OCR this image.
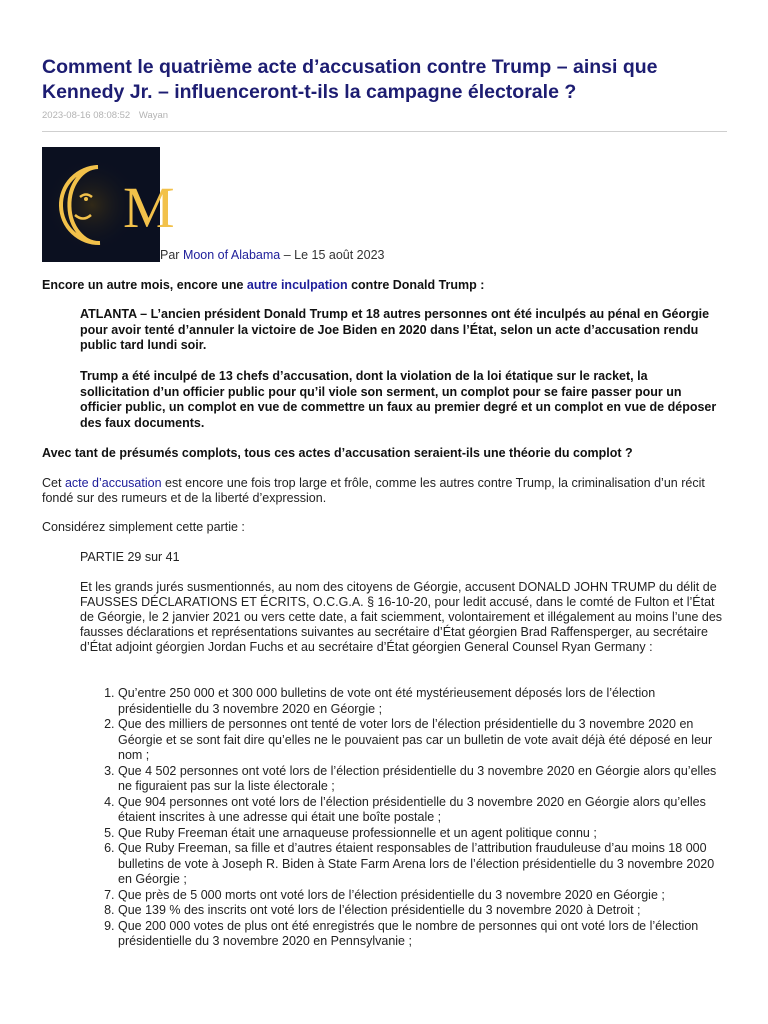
Comment le quatrième acte d’accusation contre Trump – ainsi que Kennedy Jr. – influenceront-t-ils la campagne électorale ?
2023-08-16 08:08:52 Wayan
M
Par Moon of Alabama – Le 15 août 2023

Encore un autre mois, encore une autre inculpation contre Donald Trump :

ATLANTA – L’ancien président Donald Trump et 18 autres personnes ont été inculpés au pénal en Géorgie pour avoir tenté d’annuler la victoire de Joe Biden en 2020 dans l’État, selon un acte d’accusation rendu public tard lundi soir.

Trump a été inculpé de 13 chefs d’accusation, dont la violation de la loi étatique sur le racket, la sollicitation d’un officier public pour qu’il viole son serment, un complot pour se faire passer pour un officier public, un complot en vue de commettre un faux au premier degré et un complot en vue de déposer des faux documents.

Avec tant de présumés complots, tous ces actes d’accusation seraient-ils une théorie du complot ?

Cet acte d’accusation est encore une fois trop large et frôle, comme les autres contre Trump, la criminalisation d’un récit fondé sur des rumeurs et de la liberté d’expression.

Considérez simplement cette partie :

PARTIE 29 sur 41

Et les grands jurés susmentionnés, au nom des citoyens de Géorgie, accusent DONALD JOHN TRUMP du délit de FAUSSES DÉCLARATIONS ET ÉCRITS, O.C.G.A. § 16-10-20, pour ledit accusé, dans le comté de Fulton et l’État de Géorgie, le 2 janvier 2021 ou vers cette date, a fait sciemment, volontairement et illégalement au moins l’une des fausses déclarations et représentations suivantes au secrétaire d’État géorgien Brad Raffensperger, au secrétaire d’État adjoint géorgien Jordan Fuchs et au secrétaire d’État géorgien General Counsel Ryan Germany :

1. Qu’entre 250 000 et 300 000 bulletins de vote ont été mystérieusement déposés lors de l’élection présidentielle du 3 novembre 2020 en Géorgie ;
2. Que des milliers de personnes ont tenté de voter lors de l’élection présidentielle du 3 novembre 2020 en Géorgie et se sont fait dire qu’elles ne le pouvaient pas car un bulletin de vote avait déjà été déposé en leur nom ;
3. Que 4 502 personnes ont voté lors de l’élection présidentielle du 3 novembre 2020 en Géorgie alors qu’elles ne figuraient pas sur la liste électorale ;
4. Que 904 personnes ont voté lors de l’élection présidentielle du 3 novembre 2020 en Géorgie alors qu’elles étaient inscrites à une adresse qui était une boîte postale ;
5. Que Ruby Freeman était une arnaqueuse professionnelle et un agent politique connu ;
6. Que Ruby Freeman, sa fille et d’autres étaient responsables de l’attribution frauduleuse d’au moins 18 000 bulletins de vote à Joseph R. Biden à State Farm Arena lors de l’élection présidentielle du 3 novembre 2020 en Géorgie ;
7. Que près de 5 000 morts ont voté lors de l’élection présidentielle du 3 novembre 2020 en Géorgie ;
8. Que 139 % des inscrits ont voté lors de l’élection présidentielle du 3 novembre 2020 à Detroit ;
9. Que 200 000 votes de plus ont été enregistrés que le nombre de personnes qui ont voté lors de l’élection présidentielle du 3 novembre 2020 en Pennsylvanie ;
